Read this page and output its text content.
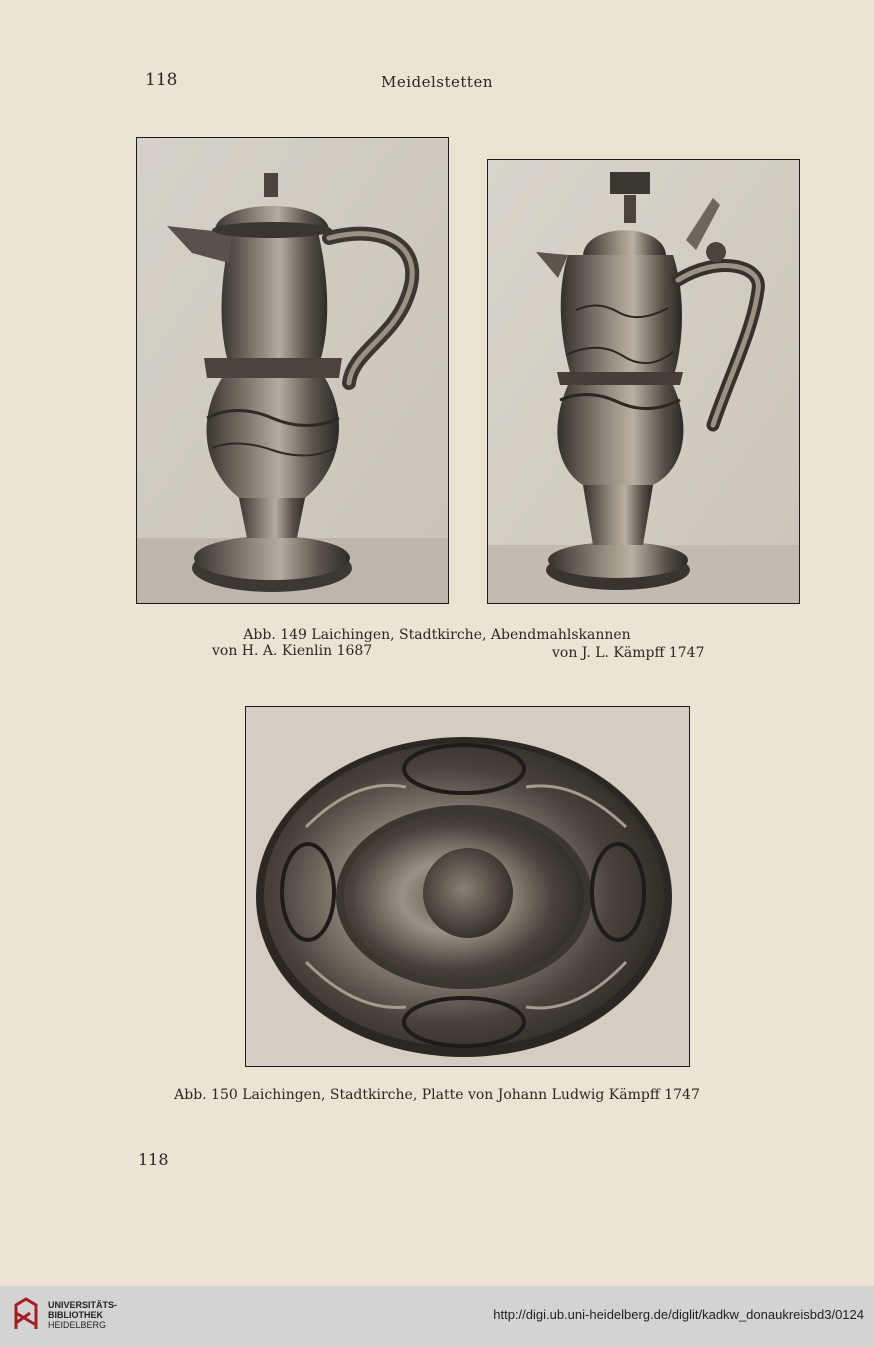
118	Meidelstetten
Abb. 149 Laichingen, Stadtkirche, Abendmahlskannen
von H. A. Kienlin 1687	von J. L. Kämpff 1747
Abb. 150 Laichingen, Stadtkirche, Platte von Johann Ludwig Kämpff 1747
118
UNIVERSITÄTS-
BIBLIOTHEK
HEIDELBERG
http://digi.ub.uni-heidelberg.de/diglit/kadkw_donaukreisbd3/0124
